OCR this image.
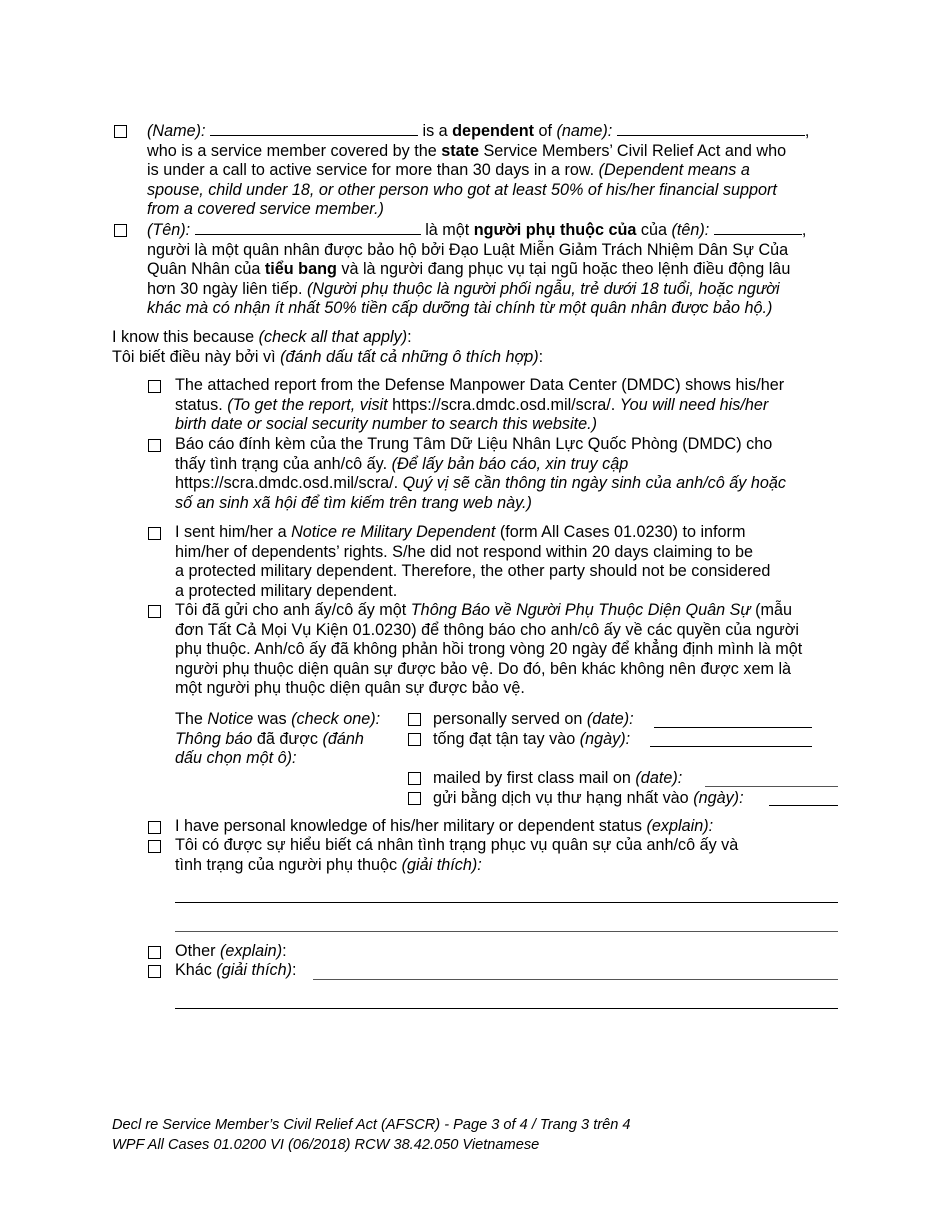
(Name):	is a dependent of (name):	,
who is a service member covered by the state Service Members’ Civil Relief Act and who
is under a call to active service for more than 30 days in a row. (Dependent means a
spouse, child under 18, or other person who got at least 50% of his/her financial support
from a covered service member.)
(Tên):	là một người phụ thuộc của của (tên):	,
người là một quân nhân được bảo hộ bởi Đạo Luật Miễn Giảm Trách Nhiệm Dân Sự Của
Quân Nhân của tiểu bang và là người đang phục vụ tại ngũ hoặc theo lệnh điều động lâu
hơn 30 ngày liên tiếp. (Người phụ thuộc là người phối ngẫu, trẻ dưới 18 tuổi, hoặc người
khác mà có nhận ít nhất 50% tiền cấp dưỡng tài chính từ một quân nhân được bảo hộ.)
I know this because (check all that apply):
Tôi biết điều này bởi vì (đánh dấu tất cả những ô thích hợp):
The attached report from the Defense Manpower Data Center (DMDC) shows his/her
status. (To get the report, visit https://scra.dmdc.osd.mil/scra/. You will need his/her
birth date or social security number to search this website.)
Báo cáo đính kèm của the Trung Tâm Dữ Liệu Nhân Lực Quốc Phòng (DMDC) cho
thấy tình trạng của anh/cô ấy. (Để lấy bản báo cáo, xin truy cập
https://scra.dmdc.osd.mil/scra/. Quý vị sẽ cần thông tin ngày sinh của anh/cô ấy hoặc
số an sinh xã hội để tìm kiếm trên trang web này.)
I sent him/her a Notice re Military Dependent (form All Cases 01.0230) to inform
him/her of dependents’ rights. S/he did not respond within 20 days claiming to be
a protected military dependent. Therefore, the other party should not be considered
a protected military dependent.
Tôi đã gửi cho anh ấy/cô ấy một Thông Báo về Người Phụ Thuộc Diện Quân Sự (mẫu
đơn Tất Cả Mọi Vụ Kiện 01.0230) để thông báo cho anh/cô ấy về các quyền của người
phụ thuộc. Anh/cô ấy đã không phản hồi trong vòng 20 ngày để khẳng định mình là một
người phụ thuộc diện quân sự được bảo vệ. Do đó, bên khác không nên được xem là
một người phụ thuộc diện quân sự được bảo vệ.
The Notice was (check one):
Thông báo đã được (đánh
dấu chọn một ô):
personally served on (date):
tống đạt tận tay vào (ngày):
mailed by first class mail on (date):
gửi bằng dịch vụ thư hạng nhất vào (ngày):
I have personal knowledge of his/her military or dependent status (explain):
Tôi có được sự hiểu biết cá nhân tình trạng phục vụ quân sự của anh/cô ấy và
tình trạng của người phụ thuộc (giải thích):
Other (explain):
Khác (giải thích):
Decl re Service Member’s Civil Relief Act (AFSCR) - Page 3 of 4 / Trang 3 trên 4
WPF All Cases 01.0200 VI (06/2018) RCW 38.42.050 Vietnamese
